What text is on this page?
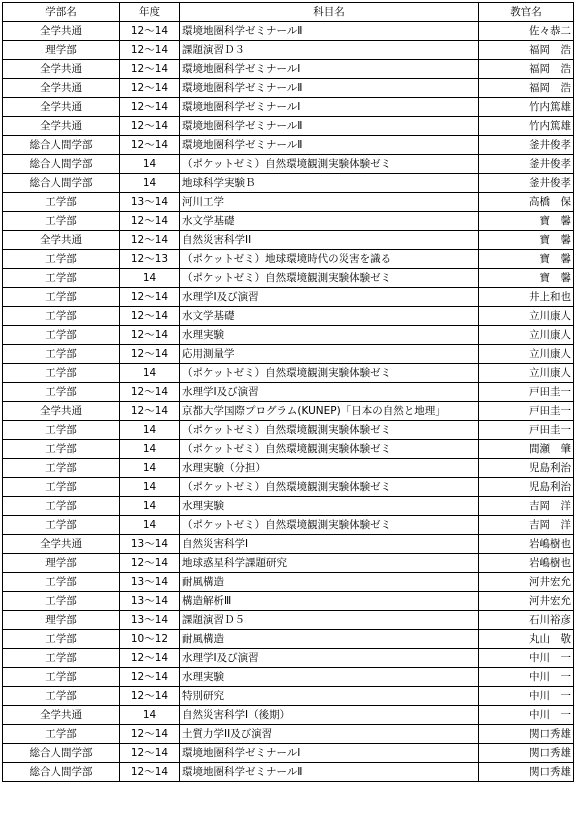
学部名	年度	科目名	教官名
全学共通	12～14	環境地圏科学ゼミナールⅡ	佐々恭二
理学部	12～14	課題演習Ｄ３	福岡　浩
全学共通	12～14	環境地圏科学ゼミナールⅠ	福岡　浩
全学共通	12～14	環境地圏科学ゼミナールⅡ	福岡　浩
全学共通	12～14	環境地圏科学ゼミナールⅠ	竹内篤雄
全学共通	12～14	環境地圏科学ゼミナールⅡ	竹内篤雄
総合人間学部	12～14	環境地圏科学ゼミナールⅡ	釜井俊孝
総合人間学部	14	（ポケットゼミ）自然環境観測実験体験ゼミ	釜井俊孝
総合人間学部	14	地球科学実験Ｂ	釜井俊孝
工学部	13～14	河川工学	高橋　保
工学部	12～14	水文学基礎	寶　馨
全学共通	12～14	自然災害科学II	寶　馨
工学部	12～13	（ポケットゼミ）地球環境時代の災害を識る	寶　馨
工学部	14	（ポケットゼミ）自然環境観測実験体験ゼミ	寶　馨
工学部	12～14	水理学Ⅰ及び演習	井上和也
工学部	12～14	水文学基礎	立川康人
工学部	12～14	水理実験	立川康人
工学部	12～14	応用測量学	立川康人
工学部	14	（ポケットゼミ）自然環境観測実験体験ゼミ	立川康人
工学部	12～14	水理学Ⅰ及び演習	戸田圭一
全学共通	12～14	京都大学国際プログラム(KUNEP)「日本の自然と地理」	戸田圭一
工学部	14	（ポケットゼミ）自然環境観測実験体験ゼミ	戸田圭一
工学部	14	（ポケットゼミ）自然環境観測実験体験ゼミ	間瀬　肇
工学部	14	水理実験（分担）	児島利治
工学部	14	（ポケットゼミ）自然環境観測実験体験ゼミ	児島利治
工学部	14	水理実験	吉岡　洋
工学部	14	（ポケットゼミ）自然環境観測実験体験ゼミ	吉岡　洋
全学共通	13～14	自然災害科学Ⅰ	岩嶋樹也
理学部	12～14	地球惑星科学課題研究	岩嶋樹也
工学部	13～14	耐風構造	河井宏允
工学部	13～14	構造解析Ⅲ	河井宏允
理学部	13～14	課題演習Ｄ５	石川裕彦
工学部	10～12	耐風構造	丸山　敬
工学部	12～14	水理学Ⅰ及び演習	中川　一
工学部	12～14	水理実験	中川　一
工学部	12～14	特別研究	中川　一
全学共通	14	自然災害科学Ⅰ（後期）	中川　一
工学部	12～14	土質力学II及び演習	関口秀雄
総合人間学部	12～14	環境地圏科学ゼミナールⅠ	関口秀雄
総合人間学部	12～14	環境地圏科学ゼミナールⅡ	関口秀雄
